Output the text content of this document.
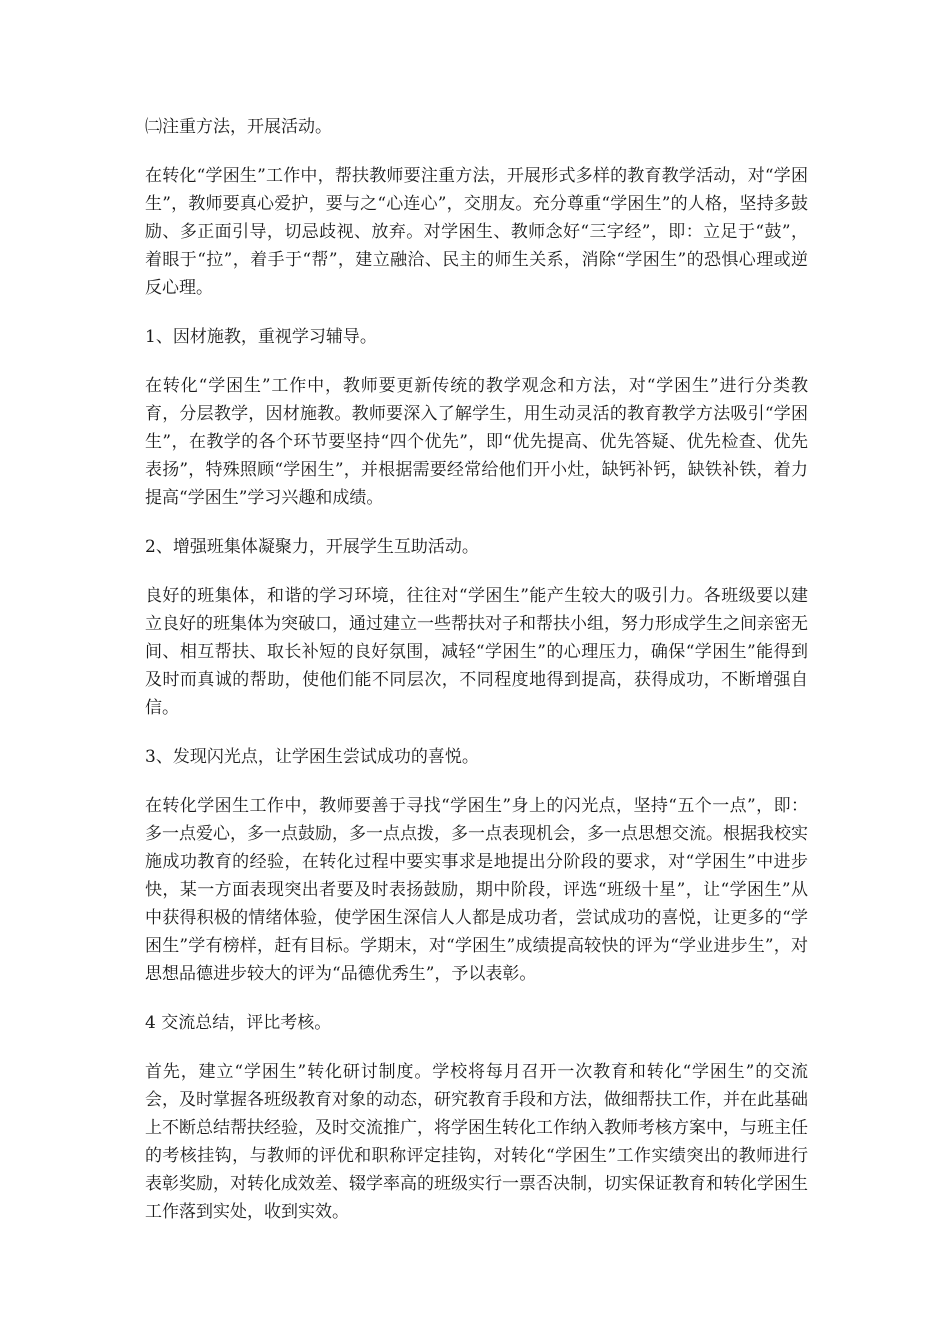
㈡注重方法，开展活动。

在转化“学困生”工作中，帮扶教师要注重方法，开展形式多样的教育教学活动，对“学困生”，教师要真心爱护，要与之“心连心”，交朋友。充分尊重“学困生”的人格，坚持多鼓励、多正面引导，切忌歧视、放弃。对学困生、教师念好“三字经”，即：立足于“鼓”，着眼于“拉”，着手于“帮”，建立融洽、民主的师生关系，消除“学困生”的恐惧心理或逆反心理。

1、因材施教，重视学习辅导。

在转化“学困生”工作中，教师要更新传统的教学观念和方法，对“学困生”进行分类教育，分层教学，因材施教。教师要深入了解学生，用生动灵活的教育教学方法吸引“学困生”，在教学的各个环节要坚持“四个优先”，即“优先提高、优先答疑、优先检查、优先表扬”，特殊照顾“学困生”，并根据需要经常给他们开小灶，缺钙补钙，缺铁补铁，着力提高“学困生”学习兴趣和成绩。

2、增强班集体凝聚力，开展学生互助活动。

良好的班集体，和谐的学习环境，往往对“学困生”能产生较大的吸引力。各班级要以建立良好的班集体为突破口，通过建立一些帮扶对子和帮扶小组，努力形成学生之间亲密无间、相互帮扶、取长补短的良好氛围，减轻“学困生”的心理压力，确保“学困生”能得到及时而真诚的帮助，使他们能不同层次，不同程度地得到提高，获得成功，不断增强自信。

3、发现闪光点，让学困生尝试成功的喜悦。

在转化学困生工作中，教师要善于寻找“学困生”身上的闪光点，坚持“五个一点”，即：多一点爱心，多一点鼓励，多一点点拨，多一点表现机会，多一点思想交流。根据我校实施成功教育的经验，在转化过程中要实事求是地提出分阶段的要求，对“学困生”中进步快，某一方面表现突出者要及时表扬鼓励，期中阶段，评选“班级十星”，让“学困生”从中获得积极的情绪体验，使学困生深信人人都是成功者，尝试成功的喜悦，让更多的“学困生”学有榜样，赶有目标。学期末，对“学困生”成绩提高较快的评为“学业进步生”，对思想品德进步较大的评为“品德优秀生”，予以表彰。

4 交流总结，评比考核。

首先，建立“学困生”转化研讨制度。学校将每月召开一次教育和转化“学困生”的交流会，及时掌握各班级教育对象的动态，研究教育手段和方法，做细帮扶工作，并在此基础上不断总结帮扶经验，及时交流推广，将学困生转化工作纳入教师考核方案中，与班主任的考核挂钩，与教师的评优和职称评定挂钩，对转化“学困生”工作实绩突出的教师进行表彰奖励，对转化成效差、辍学率高的班级实行一票否决制，切实保证教育和转化学困生工作落到实处，收到实效。
